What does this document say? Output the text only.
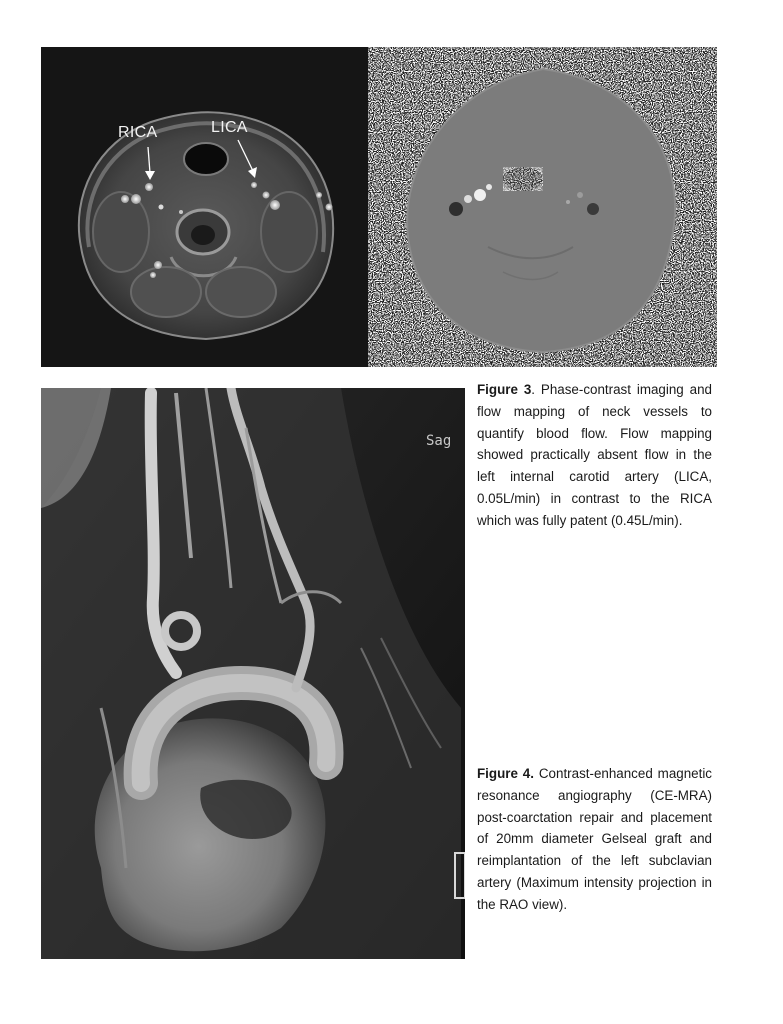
RICA	LICA
Sag
Figure 3. Phase-contrast imaging and flow mapping of neck vessels to quantify blood flow. Flow mapping showed practically absent flow in the left internal carotid artery (LICA, 0.05L/min) in contrast to the RICA which was fully patent (0.45L/min).
Figure 4. Contrast-enhanced magnetic resonance angiography (CE-MRA) post-coarctation repair and placement of 20mm diameter Gelseal graft and reimplantation of the left subclavian artery (Maximum intensity projection in the RAO view).
